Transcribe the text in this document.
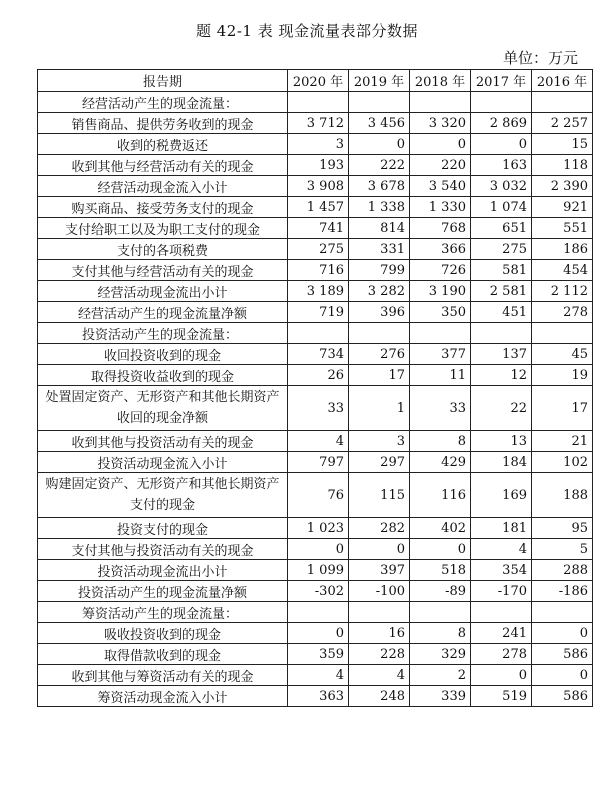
题 42-1 表 现金流量表部分数据
单位：万元
报告期	2020 年	2019 年	2018 年	2017 年	2016 年
经营活动产生的现金流量：					
销售商品、提供劳务收到的现金	3 712	3 456	3 320	2 869	2 257
收到的税费返还	3	0	0	0	15
收到其他与经营活动有关的现金	193	222	220	163	118
经营活动现金流入小计	3 908	3 678	3 540	3 032	2 390
购买商品、接受劳务支付的现金	1 457	1 338	1 330	1 074	921
支付给职工以及为职工支付的现金	741	814	768	651	551
支付的各项税费	275	331	366	275	186
支付其他与经营活动有关的现金	716	799	726	581	454
经营活动现金流出小计	3 189	3 282	3 190	2 581	2 112
经营活动产生的现金流量净额	719	396	350	451	278
投资活动产生的现金流量：					
收回投资收到的现金	734	276	377	137	45
取得投资收益收到的现金	26	17	11	12	19
处置固定资产、无形资产和其他长期资产收回的现金净额	33	1	33	22	17
收到其他与投资活动有关的现金	4	3	8	13	21
投资活动现金流入小计	797	297	429	184	102
购建固定资产、无形资产和其他长期资产支付的现金	76	115	116	169	188
投资支付的现金	1 023	282	402	181	95
支付其他与投资活动有关的现金	0	0	0	4	5
投资活动现金流出小计	1 099	397	518	354	288
投资活动产生的现金流量净额	-302	-100	-89	-170	-186
筹资活动产生的现金流量：					
吸收投资收到的现金	0	16	8	241	0
取得借款收到的现金	359	228	329	278	586
收到其他与筹资活动有关的现金	4	4	2	0	0
筹资活动现金流入小计	363	248	339	519	586
